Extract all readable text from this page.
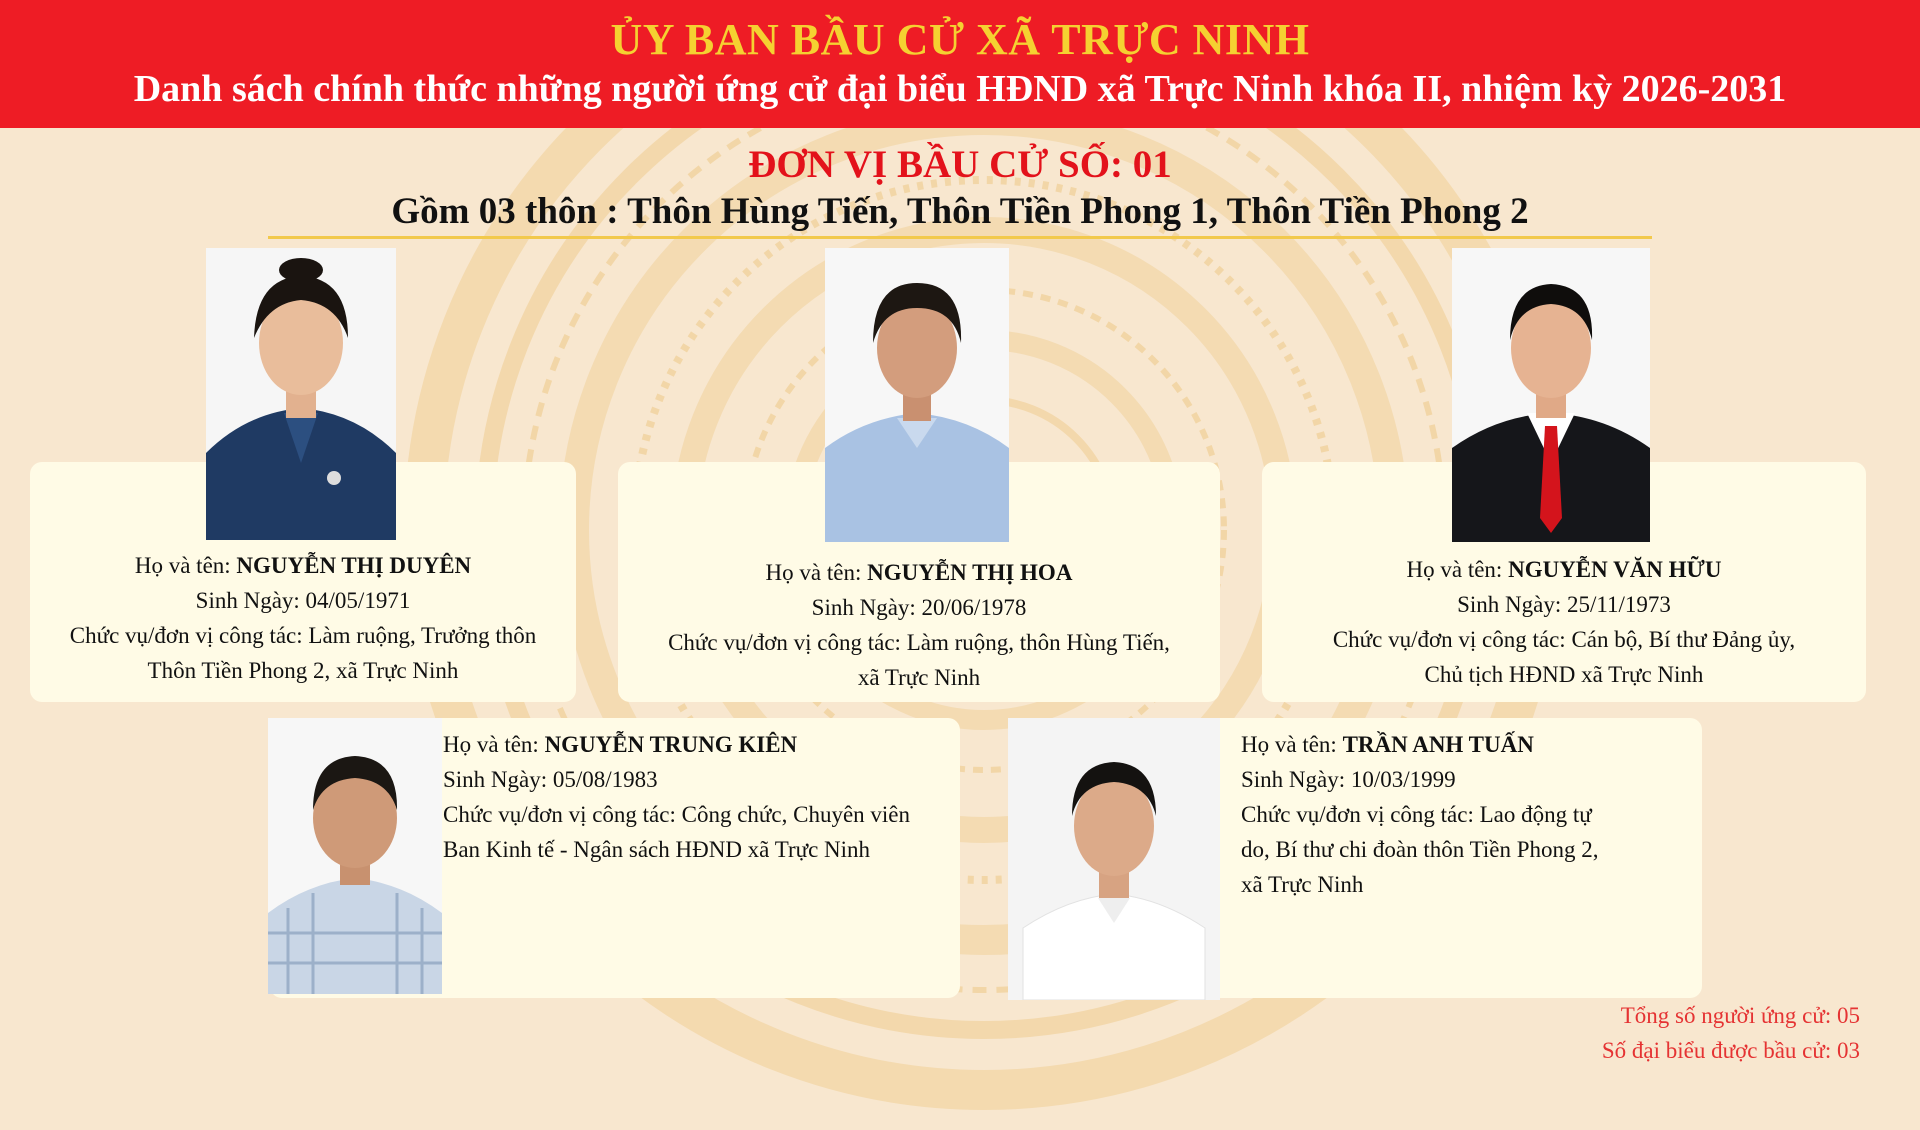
ỦY BAN BẦU CỬ XÃ TRỰC NINH
Danh sách chính thức những người ứng cử đại biểu HĐND xã Trực Ninh khóa II, nhiệm kỳ 2026-2031
ĐƠN VỊ BẦU CỬ SỐ: 01
Gồm 03 thôn : Thôn Hùng Tiến, Thôn Tiền Phong 1, Thôn Tiền Phong 2
Họ và tên: NGUYỄN THỊ DUYÊN
Sinh Ngày: 04/05/1971
Chức vụ/đơn vị công tác: Làm ruộng, Trưởng thôn
Thôn Tiền Phong 2, xã Trực Ninh
Họ và tên: NGUYỄN THỊ HOA
Sinh Ngày: 20/06/1978
Chức vụ/đơn vị công tác: Làm ruộng, thôn Hùng Tiến,
xã Trực Ninh
Họ và tên: NGUYỄN VĂN HỮU
Sinh Ngày: 25/11/1973
Chức vụ/đơn vị công tác: Cán bộ, Bí thư Đảng ủy,
Chủ tịch HĐND xã Trực Ninh
Họ và tên: NGUYỄN TRUNG KIÊN
Sinh Ngày: 05/08/1983
Chức vụ/đơn vị công tác: Công chức, Chuyên viên
Ban Kinh tế - Ngân sách HĐND xã Trực Ninh
Họ và tên: TRẦN ANH TUẤN
Sinh Ngày: 10/03/1999
Chức vụ/đơn vị công tác: Lao động tự
do, Bí thư chi đoàn thôn Tiền Phong 2,
xã Trực Ninh
Tổng số người ứng cử: 05
Số đại biểu được bầu cử: 03
